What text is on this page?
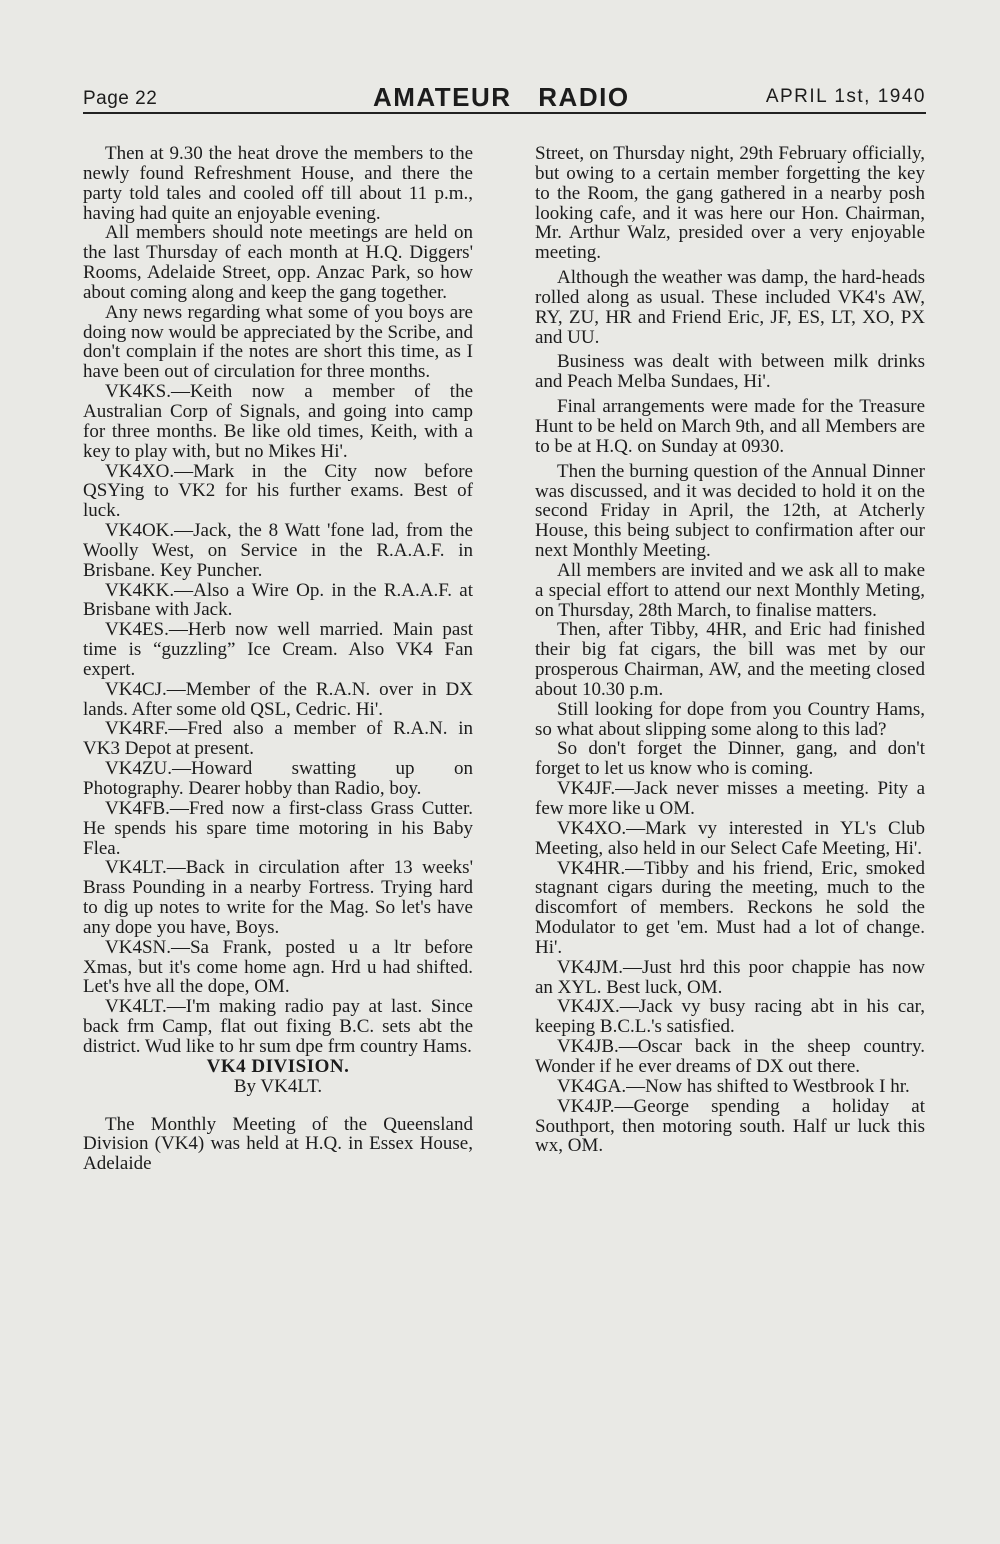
Page 22	AMATEUR RADIO	APRIL 1st, 1940

Then at 9.30 the heat drove the members to the newly found Refreshment House, and there the party told tales and cooled off till about 11 p.m., having had quite an enjoyable evening.

All members should note meetings are held on the last Thursday of each month at H.Q. Diggers' Rooms, Adelaide Street, opp. Anzac Park, so how about coming along and keep the gang together.

Any news regarding what some of you boys are doing now would be appreciated by the Scribe, and don't complain if the notes are short this time, as I have been out of circulation for three months.

VK4KS.—Keith now a member of the Australian Corp of Signals, and going into camp for three months. Be like old times, Keith, with a key to play with, but no Mikes Hi'.

VK4XO.—Mark in the City now before QSYing to VK2 for his further exams. Best of luck.

VK4OK.—Jack, the 8 Watt 'fone lad, from the Woolly West, on Service in the R.A.A.F. in Brisbane. Key Puncher.

VK4KK.—Also a Wire Op. in the R.A.A.F. at Brisbane with Jack.

VK4ES.—Herb now well married. Main past time is “guzzling” Ice Cream. Also VK4 Fan expert.

VK4CJ.—Member of the R.A.N. over in DX lands. After some old QSL, Cedric. Hi'.

VK4RF.—Fred also a member of R.A.N. in VK3 Depot at present.

VK4ZU.—Howard swatting up on Photography. Dearer hobby than Radio, boy.

VK4FB.—Fred now a first-class Grass Cutter. He spends his spare time motoring in his Baby Flea.

VK4LT.—Back in circulation after 13 weeks' Brass Pounding in a nearby Fortress. Trying hard to dig up notes to write for the Mag. So let's have any dope you have, Boys.

VK4SN.—Sa Frank, posted u a ltr before Xmas, but it's come home agn. Hrd u had shifted. Let's hve all the dope, OM.

VK4LT.—I'm making radio pay at last. Since back frm Camp, flat out fixing B.C. sets abt the district. Wud like to hr sum dpe frm country Hams.

VK4 DIVISION.

By VK4LT.

The Monthly Meeting of the Queensland Division (VK4) was held at H.Q. in Essex House, Adelaide

Street, on Thursday night, 29th February officially, but owing to a certain member forgetting the key to the Room, the gang gathered in a nearby posh looking cafe, and it was here our Hon. Chairman, Mr. Arthur Walz, presided over a very enjoyable meeting.

Although the weather was damp, the hard-heads rolled along as usual. These included VK4's AW, RY, ZU, HR and Friend Eric, JF, ES, LT, XO, PX and UU.

Business was dealt with between milk drinks and Peach Melba Sundaes, Hi'.

Final arrangements were made for the Treasure Hunt to be held on March 9th, and all Members are to be at H.Q. on Sunday at 0930.

Then the burning question of the Annual Dinner was discussed, and it was decided to hold it on the second Friday in April, the 12th, at Atcherly House, this being subject to confirmation after our next Monthly Meeting.

All members are invited and we ask all to make a special effort to attend our next Monthly Meting, on Thursday, 28th March, to finalise matters.

Then, after Tibby, 4HR, and Eric had finished their big fat cigars, the bill was met by our prosperous Chairman, AW, and the meeting closed about 10.30 p.m.

Still looking for dope from you Country Hams, so what about slipping some along to this lad?

So don't forget the Dinner, gang, and don't forget to let us know who is coming.

VK4JF.—Jack never misses a meeting. Pity a few more like u OM.

VK4XO.—Mark vy interested in YL's Club Meeting, also held in our Select Cafe Meeting, Hi'.

VK4HR.—Tibby and his friend, Eric, smoked stagnant cigars during the meeting, much to the discomfort of members. Reckons he sold the Modulator to get 'em. Must had a lot of change. Hi'.

VK4JM.—Just hrd this poor chappie has now an XYL. Best luck, OM.

VK4JX.—Jack vy busy racing abt in his car, keeping B.C.L.'s satisfied.

VK4JB.—Oscar back in the sheep country. Wonder if he ever dreams of DX out there.

VK4GA.—Now has shifted to Westbrook I hr.

VK4JP.—George spending a holiday at Southport, then motoring south. Half ur luck this wx, OM.
